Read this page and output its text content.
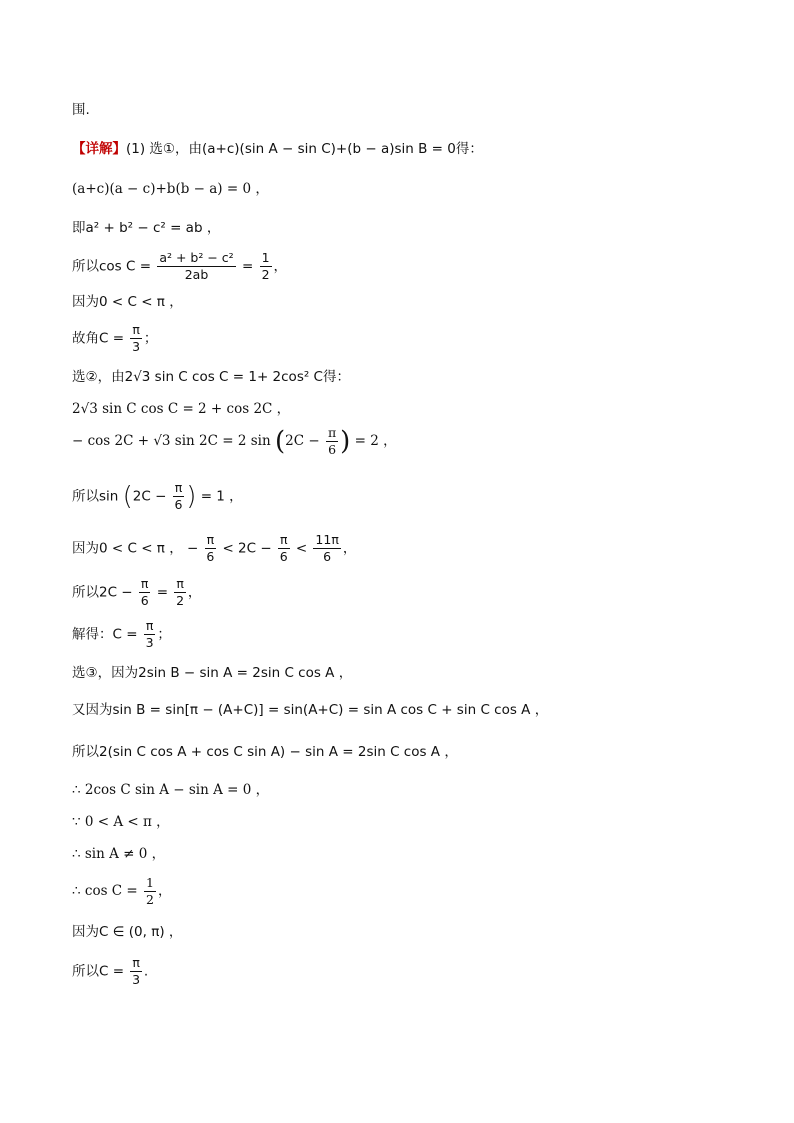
围.
【详解】(1) 选①，由(a+c)(sin A − sin C)+(b − a)sin B = 0得：
(a+c)(a − c)+b(b − a) = 0 ，
即a² + b² − c² = ab ，
所以$\cos C = \frac{\text{a² + b² − c²}}{2ab} = \frac{1}{2}$ ，
因为0 < C < π ，
故角$C = \frac{\pi}{3}$ ；
选②，由2√3 sin C cos C = 1+ 2cos² C得：
2√3 sin C cos C = 2 + cos 2C ，
− cos 2C + √3 sin 2C = 2 $\sin (2C - \frac{\pi}{6}$ ) = 2 ，
所以$\sin (2C - \frac{\pi}{6}$ ) = 1 ，
因为0 < C < π ， − $\frac{\pi}{6} < 2C - \frac{\pi}{6} < \frac{11\pi}{6}$ ，
所以$2C - \frac{\pi}{6} = \frac{\pi}{2}$ ，
解得：$C = \frac{\pi}{3}$ ；
选③，因为2sin B − sin A = 2sin C cos A ，
又因为sin B = sin[π − (A+C)] = sin(A+C) = sin A cos C + sin C cos A ，
所以2(sin C cos A + cos C sin A) − sin A = 2sin C cos A ，
∴ 2cos C sin A − sin A = 0 ，
∵ 0 < A < π ，
∴ sin A ≠ 0 ，
∴ $\cos C = \frac{1}{2}$ ，
因为C ∈ (0, π) ，
所以$C = \frac{\pi}{3}$ .
